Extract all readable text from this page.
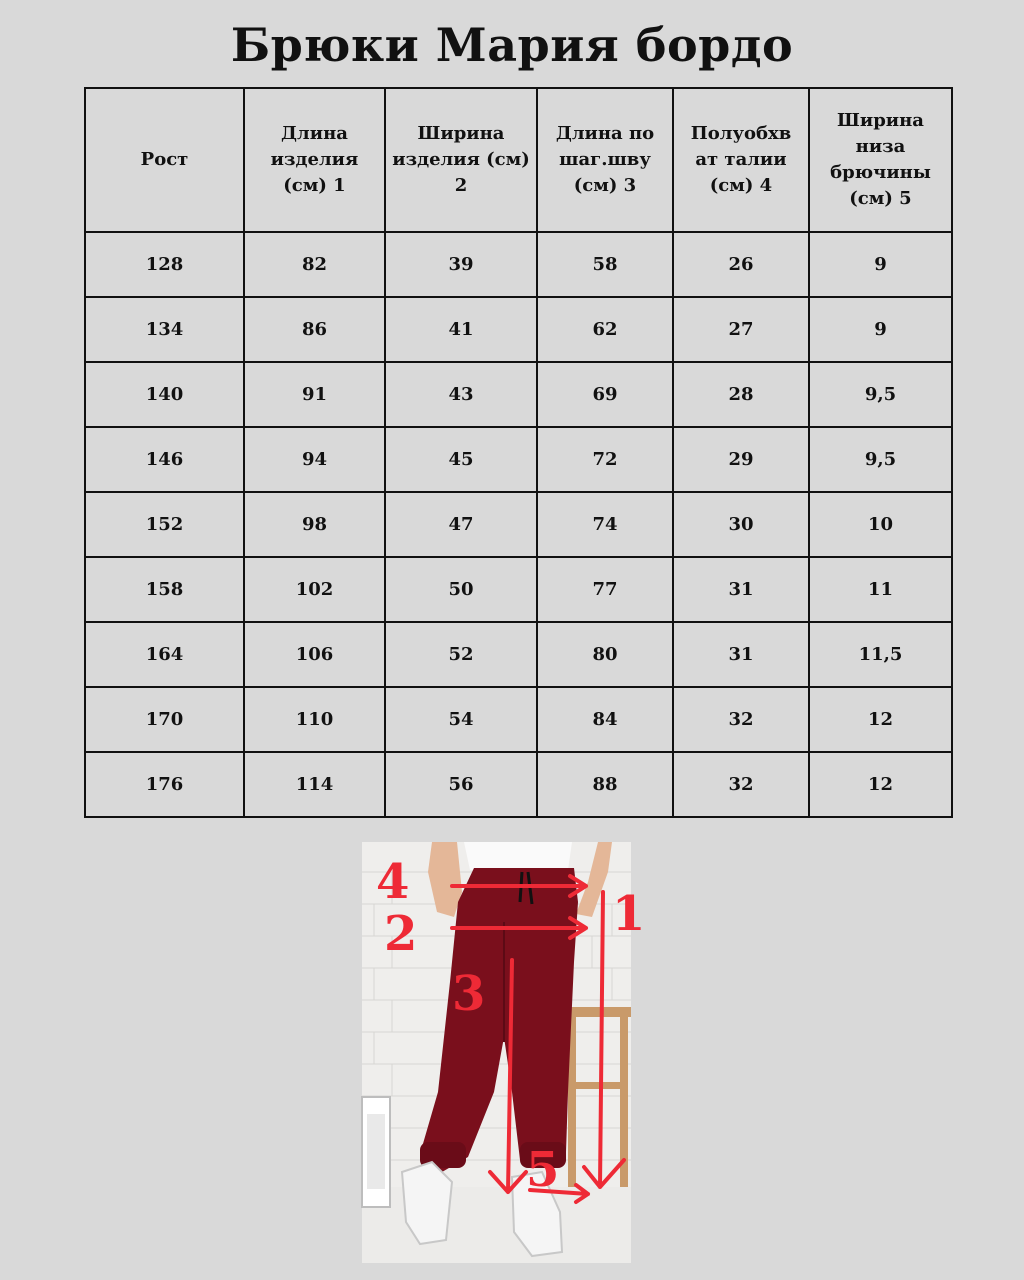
Брюки Мария бордо
Рост	Длина изделия (см) 1	Ширина изделия (см) 2	Длина по шаг.шву (см) 3	Полуобхв ат талии (см) 4	Ширина низа брючины (см) 5
128	82	39	58	26	9
134	86	41	62	27	9
140	91	43	69	28	9,5
146	94	45	72	29	9,5
152	98	47	74	30	10
158	102	50	77	31	11
164	106	52	80	31	11,5
170	110	54	84	32	12
176	114	56	88	32	12
4
2
3
1
5
